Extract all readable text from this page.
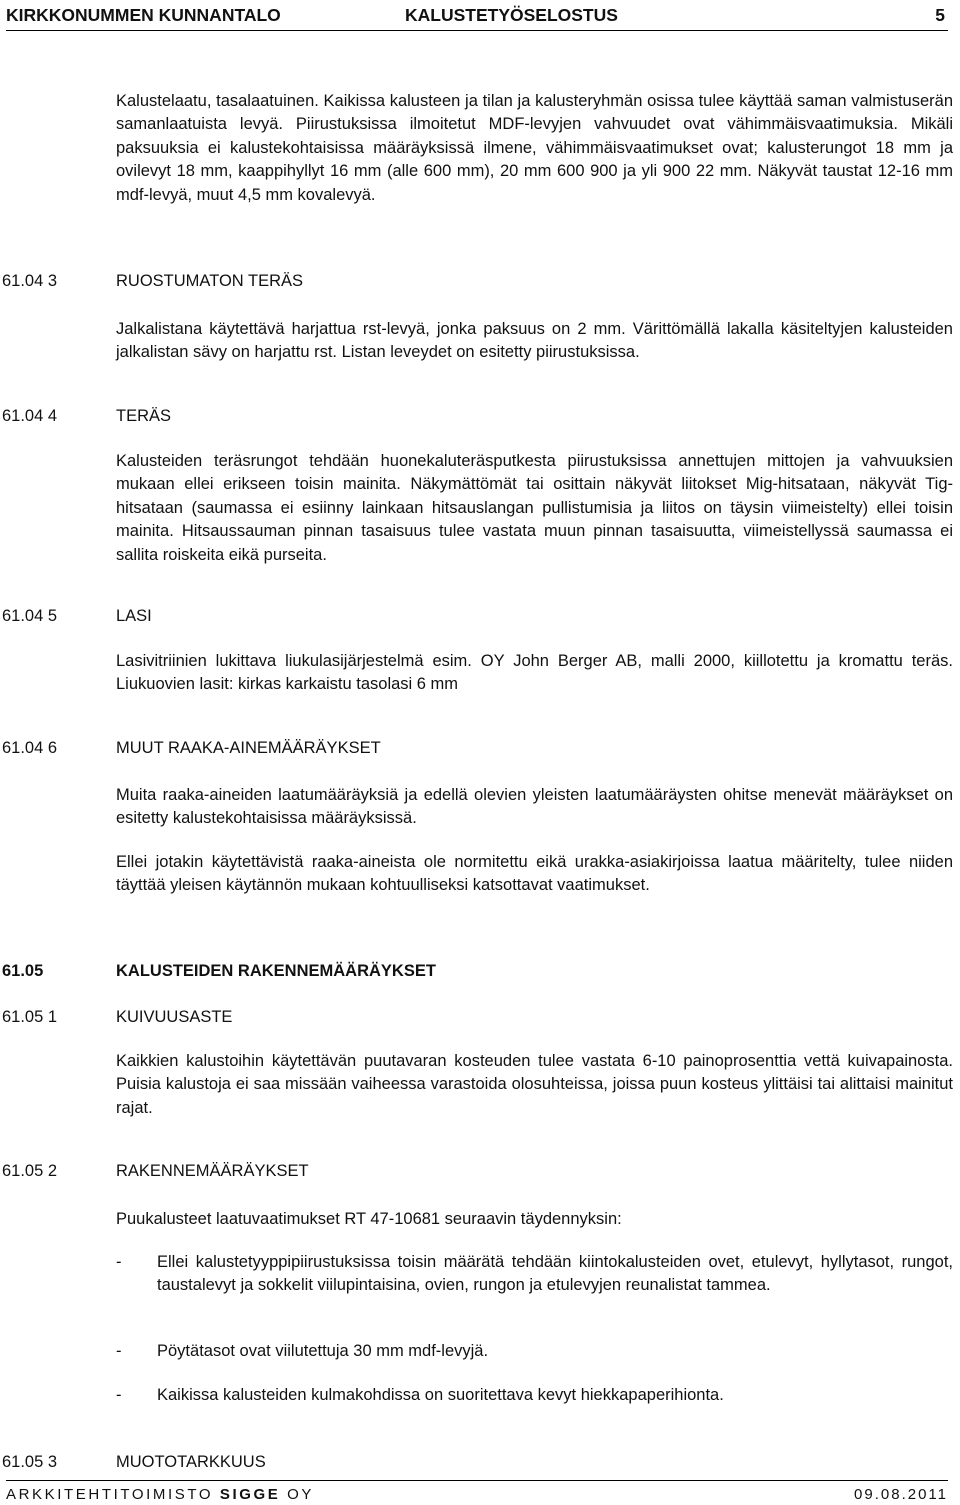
KIRKKONUMMEN KUNNANTALO	KALUSTETYÖSELOSTUS	5
Kalustelaatu, tasalaatuinen. Kaikissa kalusteen ja tilan ja kalusteryhmän osissa tulee käyttää saman valmistuserän samanlaatuista levyä. Piirustuksissa ilmoitetut MDF-levyjen vahvuudet ovat vähimmäisvaatimuksia. Mikäli paksuuksia ei kalustekohtaisissa määräyksissä ilmene, vähimmäisvaatimukset ovat; kalusterungot 18 mm ja ovilevyt 18 mm, kaappihyllyt 16 mm (alle 600 mm), 20 mm 600 900 ja yli 900 22 mm. Näkyvät taustat 12-16 mm mdf-levyä, muut 4,5 mm kovalevyä.
61.04 3	RUOSTUMATON TERÄS
Jalkalistana käytettävä harjattua rst-levyä, jonka paksuus on 2 mm. Värittömällä lakalla käsiteltyjen kalusteiden jalkalistan sävy on harjattu rst. Listan leveydet on esitetty piirustuksissa.
61.04 4	TERÄS
Kalusteiden teräsrungot tehdään huonekaluteräsputkesta piirustuksissa annettujen mittojen ja vahvuuksien mukaan ellei erikseen toisin mainita. Näkymättömät tai osittain näkyvät liitokset Mig-hitsataan, näkyvät Tig-hitsataan (saumassa ei esiinny lainkaan hitsauslangan pullistumisia ja liitos on täysin viimeistelty) ellei toisin mainita. Hitsaussauman pinnan tasaisuus tulee vastata muun pinnan tasaisuutta, viimeistellyssä saumassa ei sallita roiskeita eikä purseita.
61.04 5	LASI
Lasivitriinien lukittava liukulasijärjestelmä esim. OY John Berger AB, malli 2000, kiillotettu ja kromattu teräs. Liukuovien lasit: kirkas karkaistu tasolasi 6 mm
61.04 6	MUUT RAAKA-AINEMÄÄRÄYKSET
Muita raaka-aineiden laatumääräyksiä ja edellä olevien yleisten laatumääräysten ohitse menevät määräykset on esitetty kalustekohtaisissa määräyksissä.
Ellei jotakin käytettävistä raaka-aineista ole normitettu eikä urakka-asiakirjoissa laatua määritelty, tulee niiden täyttää yleisen käytännön mukaan kohtuulliseksi katsottavat vaatimukset.
61.05	KALUSTEIDEN RAKENNEMÄÄRÄYKSET
61.05 1	KUIVUUSASTE
Kaikkien kalustoihin käytettävän puutavaran kosteuden tulee vastata 6-10 painoprosenttia vettä kuivapainosta. Puisia kalustoja ei saa missään vaiheessa varastoida olosuhteissa, joissa puun kosteus ylittäisi tai alittaisi mainitut rajat.
61.05 2	RAKENNEMÄÄRÄYKSET
Puukalusteet laatuvaatimukset RT 47-10681 seuraavin täydennyksin:
- Ellei kalustetyyppipiirustuksissa toisin määrätä tehdään kiintokalusteiden ovet, etulevyt, hyllytasot, rungot, taustalevyt ja sokkelit viilupintaisina, ovien, rungon ja etulevyjen reunalistat tammea.
- Pöytätasot ovat viilutettuja 30 mm mdf-levyjä.
- Kaikissa kalusteiden kulmakohdissa on suoritettava kevyt hiekkapaperihionta.
61.05 3	MUOTOTARKKUUS
ARKKITEHTITOIMISTO SIGGE OY	09.08.2011
